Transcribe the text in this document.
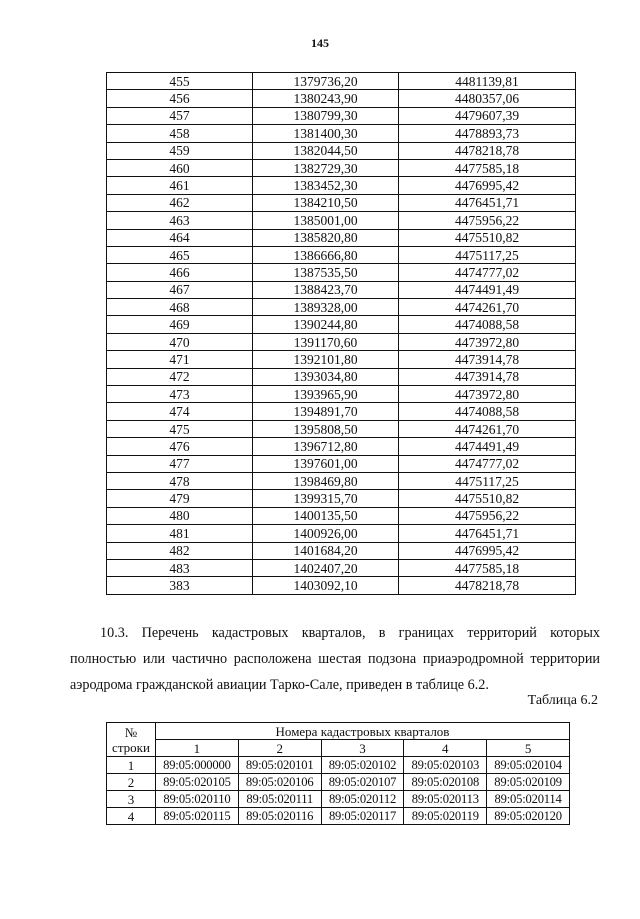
145
455	1379736,20	4481139,81
456	1380243,90	4480357,06
457	1380799,30	4479607,39
458	1381400,30	4478893,73
459	1382044,50	4478218,78
460	1382729,30	4477585,18
461	1383452,30	4476995,42
462	1384210,50	4476451,71
463	1385001,00	4475956,22
464	1385820,80	4475510,82
465	1386666,80	4475117,25
466	1387535,50	4474777,02
467	1388423,70	4474491,49
468	1389328,00	4474261,70
469	1390244,80	4474088,58
470	1391170,60	4473972,80
471	1392101,80	4473914,78
472	1393034,80	4473914,78
473	1393965,90	4473972,80
474	1394891,70	4474088,58
475	1395808,50	4474261,70
476	1396712,80	4474491,49
477	1397601,00	4474777,02
478	1398469,80	4475117,25
479	1399315,70	4475510,82
480	1400135,50	4475956,22
481	1400926,00	4476451,71
482	1401684,20	4476995,42
483	1402407,20	4477585,18
383	1403092,10	4478218,78
10.3. Перечень кадастровых кварталов, в границах территорий которых полностью или частично расположена шестая подзона приаэродромной территории аэродрома гражданской авиации Тарко-Сале, приведен в таблице 6.2.
Таблица 6.2
№
строки	Номера кадастровых кварталов				
	1	2	3	4	5
1	89:05:000000	89:05:020101	89:05:020102	89:05:020103	89:05:020104
2	89:05:020105	89:05:020106	89:05:020107	89:05:020108	89:05:020109
3	89:05:020110	89:05:020111	89:05:020112	89:05:020113	89:05:020114
4	89:05:020115	89:05:020116	89:05:020117	89:05:020119	89:05:020120
